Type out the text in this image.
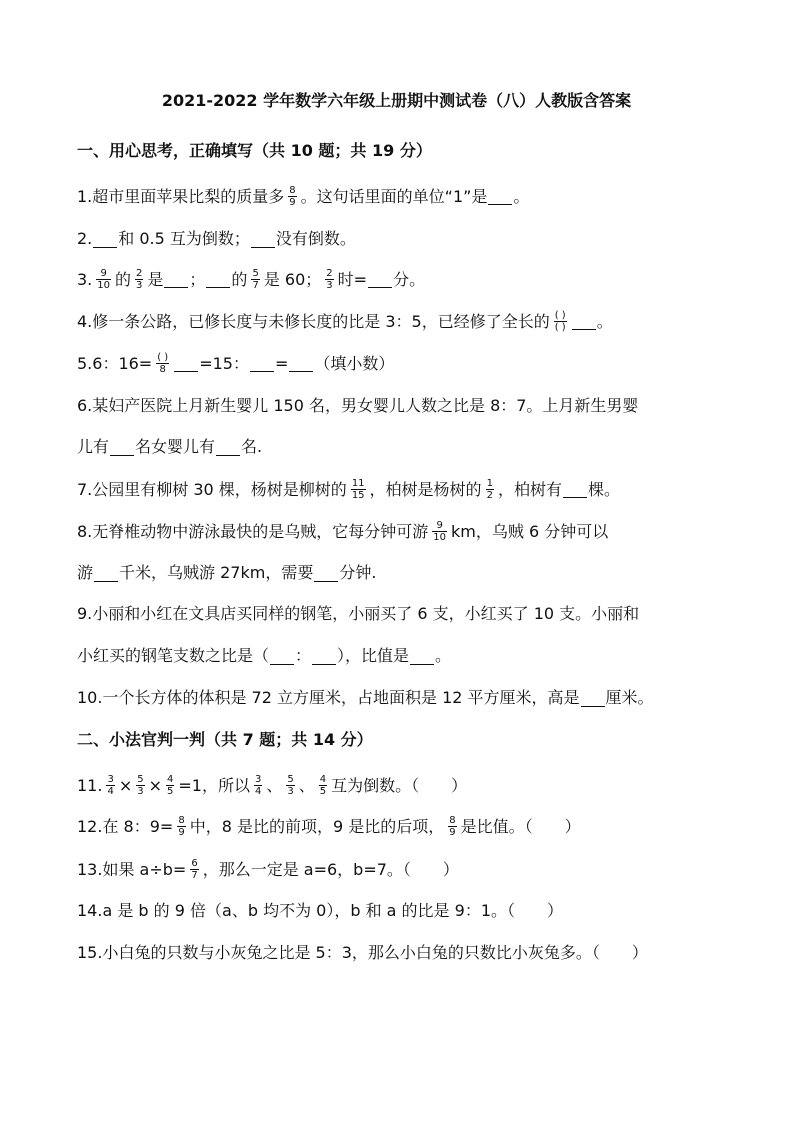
2021-2022 学年数学六年级上册期中测试卷（八）人教版含答案
一、用心思考，正确填写（共 10 题；共 19 分）
1.超市里面苹果比梨的质量多 $\frac{8}{9}$ 。这句话里面的单位“1”是 。
2. 和 0.5 互为倒数； 没有倒数。
3. $\frac{9}{10}$ 的 $\frac{2}{3}$ 是 ； 的 $\frac{5}{7}$ 是 60； $\frac{2}{3}$ 时= 分。
4.修一条公路，已修长度与未修长度的比是 3：5，已经修了全长的 $\frac{( )}{( )}$ 。
5.6：$16= \frac{( )}{8} =15$： = （填小数）
6.某妇产医院上月新生婴儿 150 名，男女婴儿人数之比是 8：7。上月新生男婴
儿有 名女婴儿有 名.
7.公园里有柳树 30 棵，杨树是柳树的 $\frac{11}{15}$ ，柏树是杨树的 $\frac{1}{2}$ ，柏树有 棵。
8.无脊椎动物中游泳最快的是乌贼，它每分钟可游 $\frac{9}{10}$ km，乌贼 6 分钟可以
游 千米，乌贼游 27km，需要 分钟.
9.小丽和小红在文具店买同样的钢笔，小丽买了 6 支，小红买了 10 支。小丽和
小红买的钢笔支数之比是（ ： ），比值是 。
10.一个长方体的体积是 72 立方厘米，占地面积是 12 平方厘米，高是 厘米。
二、小法官判一判（共 7 题；共 14 分）
11. $\frac{3}{4} \times \frac{5}{3} \times \frac{4}{5} =1$，所以 $\frac{3}{4}$ 、 $\frac{5}{3}$ 、 $\frac{4}{5}$ 互为倒数。（　　）
12.在 8：$9= \frac{8}{9}$ 中，8 是比的前项，9 是比的后项， $\frac{8}{9}$ 是比值。（　　）
13.如果 $a\div b= \frac{6}{7}$ ，那么一定是 a=6，b=7。（　　）
14.a 是 b 的 9 倍（a、b 均不为 0），b 和 a 的比是 9：1。（　　）
15.小白兔的只数与小灰兔之比是 5：3，那么小白兔的只数比小灰兔多。（　　）
